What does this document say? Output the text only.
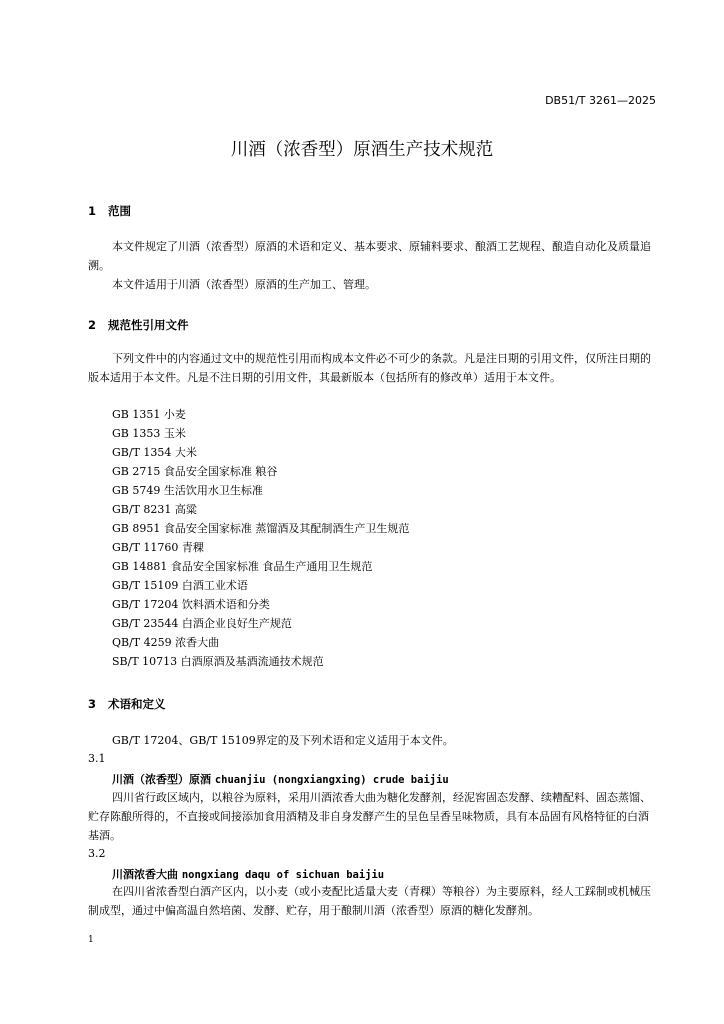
DB51/T 3261—2025
川酒（浓香型）原酒生产技术规范
1 范围
本文件规定了川酒（浓香型）原酒的术语和定义、基本要求、原辅料要求、酿酒工艺规程、酿造自动化及质量追溯。
本文件适用于川酒（浓香型）原酒的生产加工、管理。
2 规范性引用文件
下列文件中的内容通过文中的规范性引用而构成本文件必不可少的条款。凡是注日期的引用文件，仅所注日期的版本适用于本文件。凡是不注日期的引用文件，其最新版本（包括所有的修改单）适用于本文件。
GB 1351 小麦
GB 1353 玉米
GB/T 1354 大米
GB 2715 食品安全国家标准 粮谷
GB 5749 生活饮用水卫生标准
GB/T 8231 高粱
GB 8951 食品安全国家标准 蒸馏酒及其配制酒生产卫生规范
GB/T 11760 青稞
GB 14881 食品安全国家标准 食品生产通用卫生规范
GB/T 15109 白酒工业术语
GB/T 17204 饮料酒术语和分类
GB/T 23544 白酒企业良好生产规范
QB/T 4259 浓香大曲
SB/T 10713 白酒原酒及基酒流通技术规范
3 术语和定义
GB/T 17204、GB/T 15109界定的及下列术语和定义适用于本文件。
3.1
川酒（浓香型）原酒 chuanjiu (nongxiangxing) crude baijiu
四川省行政区域内，以粮谷为原料，采用川酒浓香大曲为糖化发酵剂，经泥窖固态发酵、续糟配料、固态蒸馏、贮存陈酿所得的，不直接或间接添加食用酒精及非自身发酵产生的呈色呈香呈味物质，具有本品固有风格特征的白酒基酒。
3.2
川酒浓香大曲 nongxiang daqu of sichuan baijiu
在四川省浓香型白酒产区内，以小麦（或小麦配比适量大麦（青稞）等粮谷）为主要原料，经人工踩制或机械压制成型，通过中偏高温自然培菌、发酵、贮存，用于酿制川酒（浓香型）原酒的糖化发酵剂。
1
